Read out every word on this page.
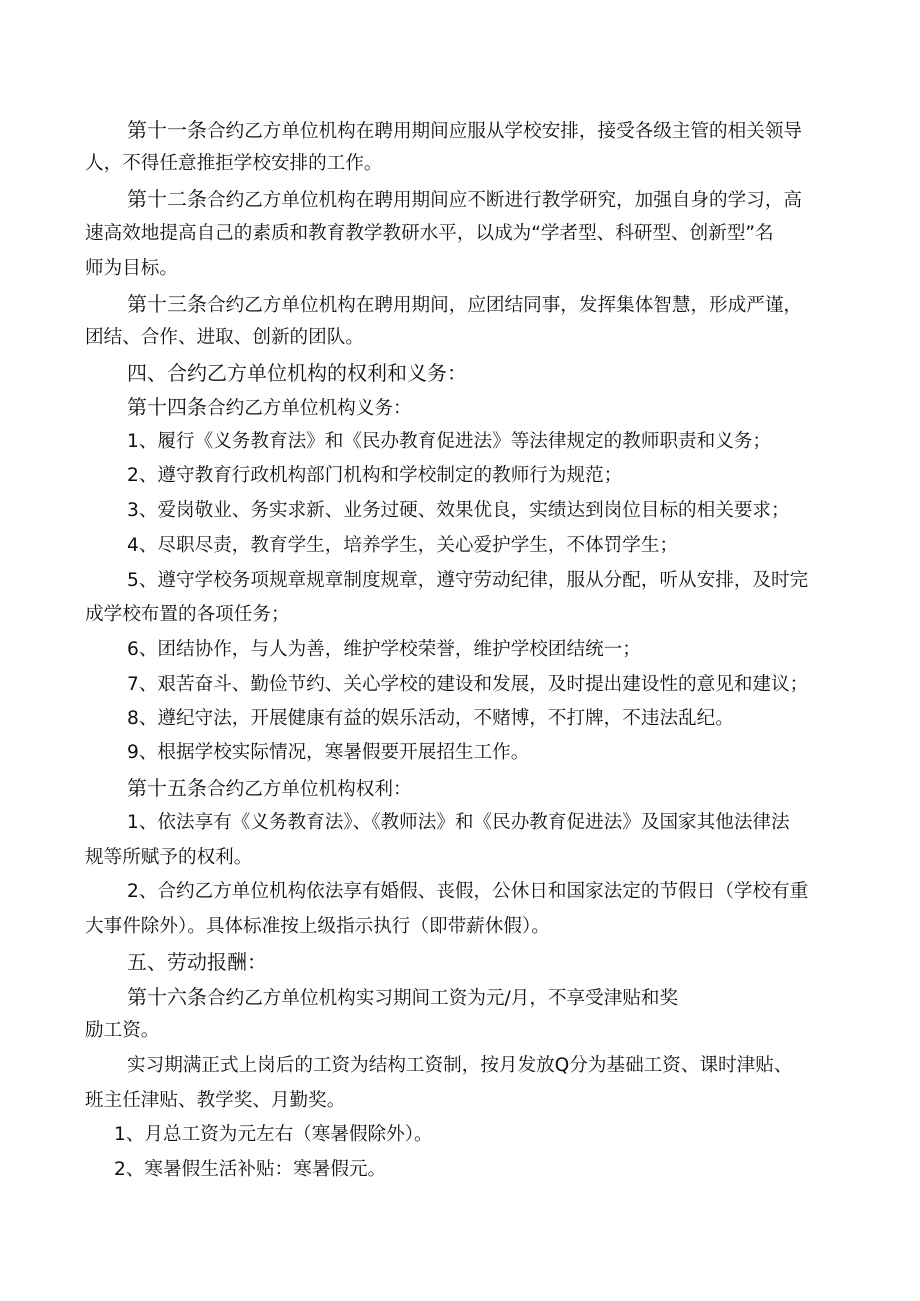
第十一条合约乙方单位机构在聘用期间应服从学校安排，接受各级主管的相关领导
人，不得任意推拒学校安排的工作。
第十二条合约乙方单位机构在聘用期间应不断进行教学研究，加强自身的学习，高
速高效地提高自己的素质和教育教学教研水平，以成为“学者型、科研型、创新型”名
师为目标。
第十三条合约乙方单位机构在聘用期间，应团结同事，发挥集体智慧，形成严谨，
团结、合作、进取、创新的团队。
四、合约乙方单位机构的权利和义务：
第十四条合约乙方单位机构义务：
1、履行《义务教育法》和《民办教育促进法》等法律规定的教师职责和义务；
2、遵守教育行政机构部门机构和学校制定的教师行为规范；
3、爱岗敬业、务实求新、业务过硬、效果优良，实绩达到岗位目标的相关要求；
4、尽职尽责，教育学生，培养学生，关心爱护学生，不体罚学生；
5、遵守学校务项规章规章制度规章，遵守劳动纪律，服从分配，听从安排，及时完
成学校布置的各项任务；
6、团结协作，与人为善，维护学校荣誉，维护学校团结统一；
7、艰苦奋斗、勤俭节约、关心学校的建设和发展，及时提出建设性的意见和建议；
8、遵纪守法，开展健康有益的娱乐活动，不赌博，不打牌，不违法乱纪。
9、根据学校实际情况，寒暑假要开展招生工作。
第十五条合约乙方单位机构权利：
1、依法享有《义务教育法》、《教师法》和《民办教育促进法》及国家其他法律法
规等所赋予的权利。
2、合约乙方单位机构依法享有婚假、丧假，公休日和国家法定的节假日（学校有重
大事件除外）。具体标准按上级指示执行（即带薪休假）。
五、劳动报酬：
第十六条合约乙方单位机构实习期间工资为元/月，不享受津贴和奖
励工资。
实习期满正式上岗后的工资为结构工资制，按月发放Q分为基础工资、课时津贴、
班主任津贴、教学奖、月勤奖。
1、月总工资为元左右（寒暑假除外）。
2、寒暑假生活补贴：寒暑假元。
